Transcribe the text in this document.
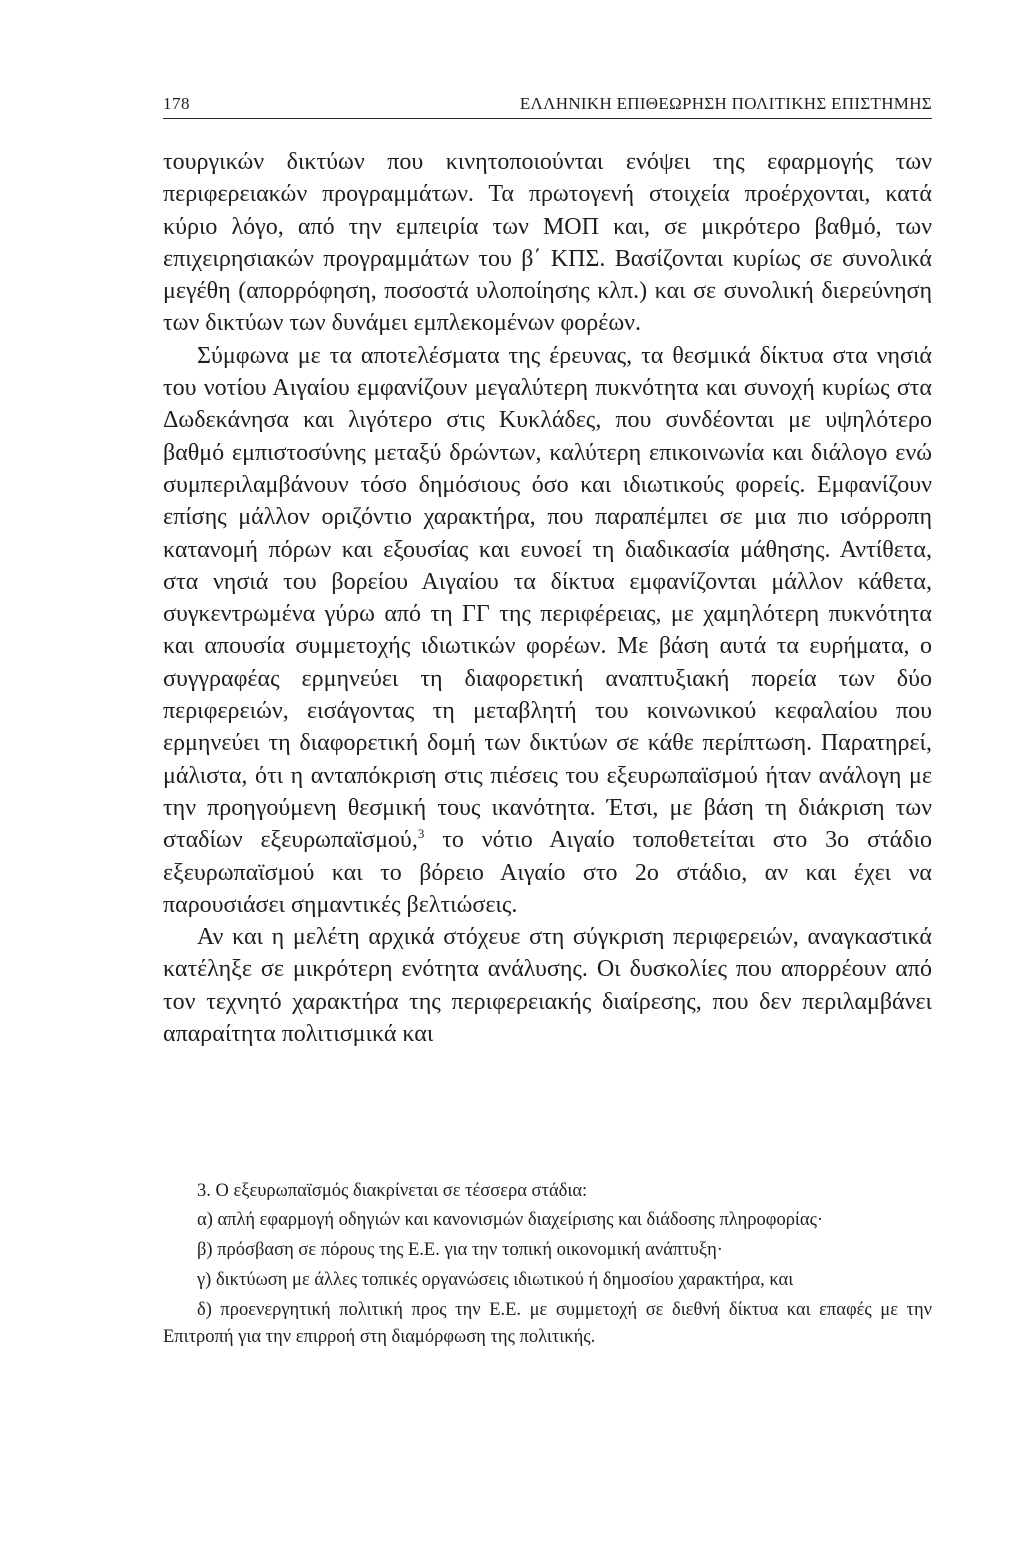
178	ΕΛΛΗΝΙΚΗ ΕΠΙΘΕΩΡΗΣΗ ΠΟΛΙΤΙΚΗΣ ΕΠΙΣΤΗΜΗΣ

τουργικών δικτύων που κινητοποιούνται ενόψει της εφαρμογής των περιφερειακών προγραμμάτων. Τα πρωτογενή στοιχεία προέρχονται, κατά κύριο λόγο, από την εμπειρία των ΜΟΠ και, σε μικρότερο βαθμό, των επιχειρησιακών προγραμμάτων του β΄ ΚΠΣ. Βασίζονται κυρίως σε συνολικά μεγέθη (απορρόφηση, ποσοστά υλοποίησης κλπ.) και σε συνολική διερεύνηση των δικτύων των δυνάμει εμπλεκομένων φορέων.

Σύμφωνα με τα αποτελέσματα της έρευνας, τα θεσμικά δίκτυα στα νησιά του νοτίου Αιγαίου εμφανίζουν μεγαλύτερη πυκνότητα και συνοχή κυρίως στα Δωδεκάνησα και λιγότερο στις Κυκλάδες, που συνδέονται με υψηλότερο βαθμό εμπιστοσύνης μεταξύ δρώντων, καλύτερη επικοινωνία και διάλογο ενώ συμπεριλαμβάνουν τόσο δημόσιους όσο και ιδιωτικούς φορείς. Εμφανίζουν επίσης μάλλον οριζόντιο χαρακτήρα, που παραπέμπει σε μια πιο ισόρροπη κατανομή πόρων και εξουσίας και ευνοεί τη διαδικασία μάθησης. Αντίθετα, στα νησιά του βορείου Αιγαίου τα δίκτυα εμφανίζονται μάλλον κάθετα, συγκεντρωμένα γύρω από τη ΓΓ της περιφέρειας, με χαμηλότερη πυκνότητα και απουσία συμμετοχής ιδιωτικών φορέων. Με βάση αυτά τα ευρήματα, ο συγγραφέας ερμηνεύει τη διαφορετική αναπτυξιακή πορεία των δύο περιφερειών, εισάγοντας τη μεταβλητή του κοινωνικού κεφαλαίου που ερμηνεύει τη διαφορετική δομή των δικτύων σε κάθε περίπτωση. Παρατηρεί, μάλιστα, ότι η ανταπόκριση στις πιέσεις του εξευρωπαϊσμού ήταν ανάλογη με την προηγούμενη θεσμική τους ικανότητα. Έτσι, με βάση τη διάκριση των σταδίων εξευρωπαϊσμού,$^3$ το νότιο Αιγαίο τοποθετείται στο 3ο στάδιο εξευρωπαϊσμού και το βόρειο Αιγαίο στο 2ο στάδιο, αν και έχει να παρουσιάσει σημαντικές βελτιώσεις.

Αν και η μελέτη αρχικά στόχευε στη σύγκριση περιφερειών, αναγκαστικά κατέληξε σε μικρότερη ενότητα ανάλυσης. Οι δυσκολίες που απορρέουν από τον τεχνητό χαρακτήρα της περιφερειακής διαίρεσης, που δεν περιλαμβάνει απαραίτητα πολιτισμικά και

3. Ο εξευρωπαϊσμός διακρίνεται σε τέσσερα στάδια:

α) απλή εφαρμογή οδηγιών και κανονισμών διαχείρισης και διάδοσης πληροφορίας·

β) πρόσβαση σε πόρους της Ε.Ε. για την τοπική οικονομική ανάπτυξη·

γ) δικτύωση με άλλες τοπικές οργανώσεις ιδιωτικού ή δημοσίου χαρακτήρα, και

δ) προενεργητική πολιτική προς την Ε.Ε. με συμμετοχή σε διεθνή δίκτυα και επαφές με την Επιτροπή για την επιρροή στη διαμόρφωση της πολιτικής.
